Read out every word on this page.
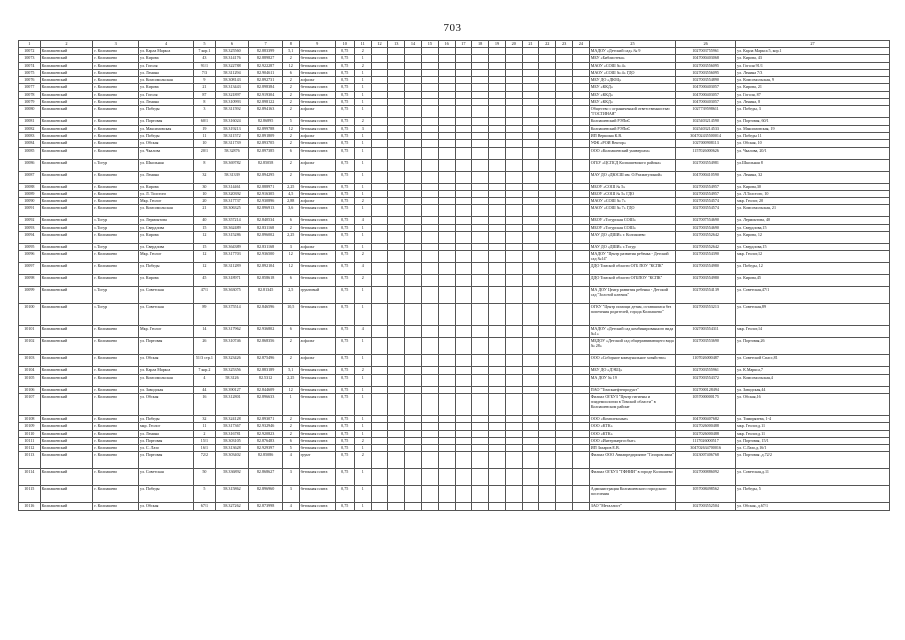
703
1	2	3	4	5	6	7	8	9	10	11	12	13	14	15	16	17	18	19	20	21	22	23	24	25	26	27
10072	Колпашевский	г. Колпашево	ул. Карла Маркса	7 кор.1	58.325560	82.883399	5,1	бетонная плита	0,75	2														МАДОУ «Детский сад» № 9	1027003755961	ул. Карла Маркса 5, кор.1
10073	Колпашевский	г. Колпашево	ул. Кирова	43	58.314176	82.889827	2	бетонная плита	0,75	1														МБУ «Библиотека»	1047000403068	ул. Кирова, 43
10074	Колпашевский	г. Колпашево	ул. Гоголя	91/1	58.322788	82.922287	12	бетонная плита	0,75	2														МАОУ «СОШ № 4»	1027003556095	ул. Гоголя 91/1
10075	Колпашевский	г. Колпашево	ул. Ленина	7/3	58.311294	82.904611	6	бетонная плита	0,75	1														МАОУ «СОШ № 4» ГДО	1027003556095	ул. Ленина 7/3
10076	Колпашевский	г. Колпашево	ул. Комсомольская	9	58.308143	82.892731	2	асфальт	0,75	1														МБУ ДО «ДЮЦ»	1027003554890	ул. Комсомольская, 9
10077	Колпашевский	г. Колпашево	ул. Кирова	21	58.313443	82.898384	2	бетонная плита	0,75	1														МБУ «ККД»	1047000403057	ул. Кирова, 21
10078	Колпашевский	г. Колпашево	ул. Гоголя	87	58.321897	82.919304	2	бетонная плита	0,75	1														МБУ «ККД»	1047000403057	ул. Гоголя, 87
10079	Колпашевский	г. Колпашево	ул. Ленина	8	58.310993	82.898122	2	бетонная плита	0,75	1														МБУ «ККД»	1047000403057	ул. Ленина, 8
10080	Колпашевский	г. Колпашево	ул. Победы	3	58.311592	82.894163	2	асфальт	0,75	1														Общество с ограниченной ответственностью "ГОСТИНАЯ"	1027739598611	ул. Победы, 3
10081	Колпашевский	г. Колпашево	ул. Портовая	60/1	58.316024	82.86895	5	бетонная плита	0,75	2														Колпашевский РЭПиС	1025403214590	ул. Портовая, 60/1
10082	Колпашевский	г. Колпашево	ул. Максимовская	19	58.319213	82.899788	12	бетонная плита	0,75	3														Колпашевский РЭПиС	1025403214533	ул. Максимовская, 19
10083	Колпашевский	г. Колпашево	ул. Победы	11	58.311572	82.891809	2	асфальт	0,75	1														ИП Вершина К.В.	304702435500014	ул. Победы 11
10084	Колпашевский	г. Колпашево	ул. Обская	10	58.311739	82.893705	2	бетонная плита	0,75	1														УФК «РОИ Вектор»	1027000908113	ул. Обская, 10
10085	Колпашевский	г. Колпашево	ул. Чкалова	20/1	58.32876	82.897385	6	бетонная плита	0,75	1														ООО «Колпашевский универсам»	1157026000626	ул. Чкалова, 20/1
10086	Колпашевский	с.Тогур	ул. Школьная	8	58.369782	82.85058	2	асфальт	0,75	1														ОГБУ «ЦСПСД Колпашевского района»	1027003554981	ул.Школьная 8
10087	Колпашевский	г. Колпашево	ул. Ленина	32	58.31339	82.894295	2	бетонная плита	0,75	1														МАУ ДО «ДЮСШ им. О.Рахматулиной»	1047000410590	ул. Ленина, 32
10088	Колпашевский	г. Колпашево	ул. Кирова	30	58.314461	82.888971	2,25	бетонная плита	0,75	1														МБОУ «СОШ № 5»	1027003554957	ул. Кирова,30
10089	Колпашевский	г. Колпашево	ул. Л. Толстого	10	58.320392	82.916305	4,5	бетонная плита	0,75	1														МБОУ «СОШ № 5» ГДО	1027003554957	ул. Л.Толстого, 10
10090	Колпашевский	г. Колпашево	Мкр. Геолог	20	58.317737	82.930896	2,88	асфальт	0,75	2														МАОУ «СОШ № 7»	1027003554574	мкр. Геолог, 20
10091	Колпашевский	г. Колпашево	ул. Комсомольская	21	58.306325	82.896913	3,6	бетонная плита	0,75	1														МАОУ «СОШ № 7» ГДО	1027003554574	ул. Комсомольская, 21
10092	Колпашевский	с.Тогур	ул. Лермонтова	40	58.357214	82.840534	6	бетонная плита	0,75	4														МБОУ «Тогурская СОШ»	1027007554690	ул. Лермонтова, 40
10093	Колпашевский	с.Тогур	ул. Свердлова	15	58.362489	82.831168	2	бетонная плита	0,75	1														МБОУ «Тогурская СОШ»	1027003554690	ул. Свердлова,15
10094	Колпашевский	г. Колпашево	ул. Кирова	12	58.315286	82.896002	2,25	бетонная плита	0,75	1														МАУ ДО «ДШИ» г. Колпашево	1027003552642	ул. Кирова, 12
10095	Колпашевский	с.Тогур	ул. Свердлова	15	58.364389	82.831168	3	асфальт	0,75	1														МАУ ДО «ДШИ» с.Тогур	1027003552642	ул. Свердлова,15
10096	Колпашевский	г. Колпашево	Мкр. Геолог	12	58.317703	82.936500	12	бетонная плита	0,75	2														МАДОУ "Центр развития ребенка - Детский сад №14"	1027003554390	мкр. Геолог,12
10097	Колпашевский	г. Колпашево	ул. Победы	12	58.311289	82.892104	12	бетонная плита	0,75	4														ДДО Томской области ОГБ ПОУ "КСПК"	1027003554980	ул. Победы, 12
10098	Колпашевский	г. Колпашево	ул. Кирова	45	58.318971	82.858618	6	бетонная плита	0,75	2														ДДО Томской области ОГБПОУ "КСПК"	1027003554980	ул. Кирова,45
10099	Колпашевский	с.Тогур	ул. Советская	47/1	58.363075	82.81345	2,5	грунтовый	0,75	1														МА ДОУ Центр развития ребенка - Детский сад "Золотой ключик"	1027003554139	ул. Советская,47/1
10100	Колпашевский	с.Тогур	ул. Советская	89	58.375514	82.846596	10,5	бетонная плита	0,75	1														ОГКУ "Центр помощи детям, оставшимся без попечения родителей, города Колпашево"	1027003553213	ул. Советская,89
10101	Колпашевский	г. Колпашево	Мкр. Геолог	14	58.317962	82.936802	6	бетонная плита	0,75	4														МАДОУ «Детский сад комбинированного вида №1»	1027003554311	мкр. Геолог,14
10102	Колпашевский	г. Колпашево	ул. Портовая	26	58.310746	82.868356	2	асфальт	0,75	1														МБДОУ «Детский сад общеразвивающего вида № 28»	1027003553690	ул. Портовая,26
10103	Колпашевский	г. Колпашево	ул. Обская	51/3 стр.1	58.323426	82.875496	2	асфальт	0,75	1														ООО «Соборное коммунальное хозяйство»	1107026000487	ул. Советской Спасс,81
10104	Колпашевский	г. Колпашево	ул. Карла Маркса	7 кор.2	58.325356	82.883189	5,1	бетонная плита	0,75	2														МБУ ДО «ДЭБЦ»	1027003555961	ул. К.Маркса,7
10105	Колпашевский	г. Колпашево	ул. Комсомольская	4	58.3126	82.5312	2,25	бетонная плита	0,75	1														МА ДОУ № 19	1027003554372	ул. Комсомольская,4
10106	Колпашевский	г. Колпашево	ул. Заводская	44	58.390127	82.844609	12	бетонная плита	0,75	1														ПАО "Томскнефтепродукт"	1027000128494	ул. Заводская,44
10107	Колпашевский	г. Колпашево	ул. Обская	16	58.312801	82.896633	1	бетонная плита	0,75	1														Филиал ОГБУЗ "Центр гигиены и эпидемиологии в Томской области" в Колпашевском районе	1057000000175	ул. Обская,16
10108	Колпашевский	г. Колпашево	ул. Победы	32	58.324128	82.893071	2	бетонная плита	0,75	1														ООО «Комплексные»	1047000407682	ул. Тимирязева, 1-4
10109	Колпашевский	г. Колпашево	мкр. Геолог	11	58.317367	82.932946	2	бетонная плита	0,75	1														ООО «КТК»	1027026000488	мкр. Геолог,д.11
10110	Колпашевский	г. Колпашево	ул. Ленина	2	58.316781	82.920823	2	бетонная плита	0,75	1														ООО «КТК»	1027026000488	мкр. Геолог,д.11
10111	Колпашевский	г. Колпашево	ул. Портовая	15/1	58.303105	82.876483	6	бетонная плита	0,75	2														ООО «Интерэнергосбыт»	1117026000517	ул. Портовая, 15/1
10112	Колпашевский	г. Колпашево	ул. С. Лазо	16/1	58.313628	82.929397	5	бетонная плита	0,75	1														ИП Захаров Е.В.	304702634700016	ул. С.Лазо,д.16/1
10113	Колпашевский	г. Колпашево	ул. Портовая	72/2	58.303402	82.85086	4	грунт	0,75	2														Филиал ООО Авиапредприятие "Газпром авиа"	1023007406768	ул. Портовая ,д.72/2
10114	Колпашевский	г. Колпашево	ул. Советская	50	58.336892	82.868627	3	бетонная плита	0,75	1														Филиал ОГБУЗ "ТФНИИ" в городе Колпашево	1027000886092	ул. Советская,д.11
10115	Колпашевский	г. Колпашево	ул. Победы	5	58.315862	82.896960	3	бетонная плита	0,75	1														Администрация Колпашевского городского поселения	1057008498562	ул. Победы, 5
10116	Колпашевский	г. Колпашево	ул. Обская	67/1	58.327262	82.873998	4	бетонная плита	0,75	1														ЗАО "Металлист"	1027003552504	ул. Обская, д.67/1
